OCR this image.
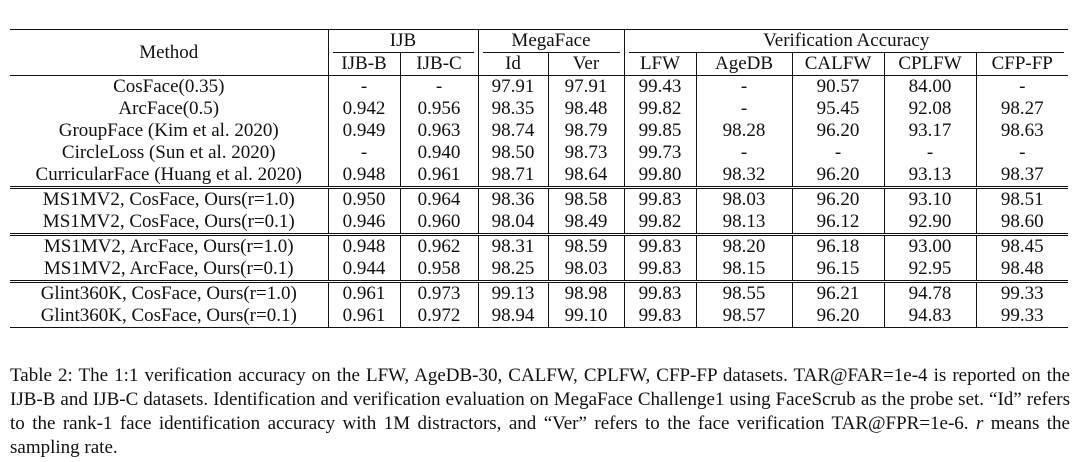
Method	IJB		MegaFace		Verification Accuracy				

	IJB-B	IJB-C	Id	Ver	LFW	AgeDB	CALFW	CPLFW	CFP-FP
CosFace(0.35)	-	-	97.91	97.91	99.43	-	90.57	84.00	-
ArcFace(0.5)	0.942	0.956	98.35	98.48	99.82	-	95.45	92.08	98.27
GroupFace (Kim et al. 2020)	0.949	0.963	98.74	98.79	99.85	98.28	96.20	93.17	98.63
CircleLoss (Sun et al. 2020)	-	0.940	98.50	98.73	99.73	-	-	-	-
CurricularFace (Huang et al. 2020)	0.948	0.961	98.71	98.64	99.80	98.32	96.20	93.13	98.37
MS1MV2, CosFace, Ours(r=1.0)	0.950	0.964	98.36	98.58	99.83	98.03	96.20	93.10	98.51
MS1MV2, CosFace, Ours(r=0.1)	0.946	0.960	98.04	98.49	99.82	98.13	96.12	92.90	98.60
MS1MV2, ArcFace, Ours(r=1.0)	0.948	0.962	98.31	98.59	99.83	98.20	96.18	93.00	98.45
MS1MV2, ArcFace, Ours(r=0.1)	0.944	0.958	98.25	98.03	99.83	98.15	96.15	92.95	98.48
Glint360K, CosFace, Ours(r=1.0)	0.961	0.973	99.13	98.98	99.83	98.55	96.21	94.78	99.33
Glint360K, CosFace, Ours(r=0.1)	0.961	0.972	98.94	99.10	99.83	98.57	96.20	94.83	99.33
Table 2: The 1:1 verification accuracy on the LFW, AgeDB-30, CALFW, CPLFW, CFP-FP datasets. TAR@FAR=1e-4 is reported on the IJB-B and IJB-C datasets. Identification and verification evaluation on MegaFace Challenge1 using FaceScrub as the probe set. “Id” refers to the rank-1 face identification accuracy with 1M distractors, and “Ver” refers to the face verification TAR@FPR=1e-6. r means the sampling rate.
